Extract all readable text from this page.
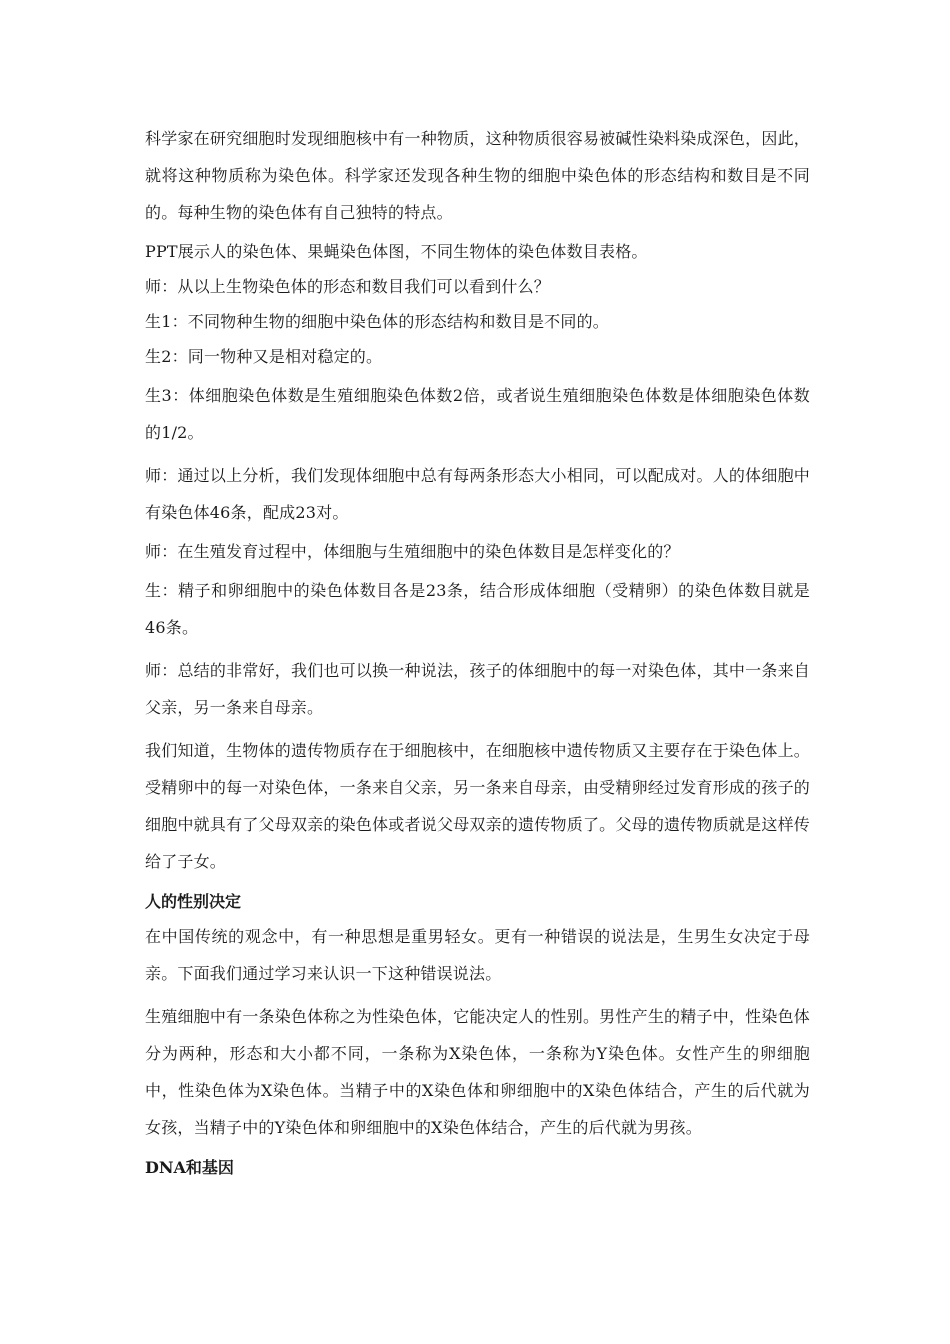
科学家在研究细胞时发现细胞核中有一种物质，这种物质很容易被碱性染料染成深色，因此，就将这种物质称为染色体。科学家还发现各种生物的细胞中染色体的形态结构和数目是不同的。每种生物的染色体有自己独特的特点。

PPT展示人的染色体、果蝇染色体图，不同生物体的染色体数目表格。

师：从以上生物染色体的形态和数目我们可以看到什么？

生1：不同物种生物的细胞中染色体的形态结构和数目是不同的。

生2：同一物种又是相对稳定的。

生3：体细胞染色体数是生殖细胞染色体数2倍，或者说生殖细胞染色体数是体细胞染色体数的1/2。

师：通过以上分析，我们发现体细胞中总有每两条形态大小相同，可以配成对。人的体细胞中有染色体46条，配成23对。

师：在生殖发育过程中，体细胞与生殖细胞中的染色体数目是怎样变化的？

生：精子和卵细胞中的染色体数目各是23条，结合形成体细胞（受精卵）的染色体数目就是46条。

师：总结的非常好，我们也可以换一种说法，孩子的体细胞中的每一对染色体，其中一条来自父亲，另一条来自母亲。

我们知道，生物体的遗传物质存在于细胞核中，在细胞核中遗传物质又主要存在于染色体上。受精卵中的每一对染色体，一条来自父亲，另一条来自母亲，由受精卵经过发育形成的孩子的细胞中就具有了父母双亲的染色体或者说父母双亲的遗传物质了。父母的遗传物质就是这样传给了子女。

人的性别决定

在中国传统的观念中，有一种思想是重男轻女。更有一种错误的说法是，生男生女决定于母亲。下面我们通过学习来认识一下这种错误说法。

生殖细胞中有一条染色体称之为性染色体，它能决定人的性别。男性产生的精子中，性染色体分为两种，形态和大小都不同，一条称为X染色体，一条称为Y染色体。女性产生的卵细胞中，性染色体为X染色体。当精子中的X染色体和卵细胞中的X染色体结合，产生的后代就为女孩，当精子中的Y染色体和卵细胞中的X染色体结合，产生的后代就为男孩。

DNA和基因
